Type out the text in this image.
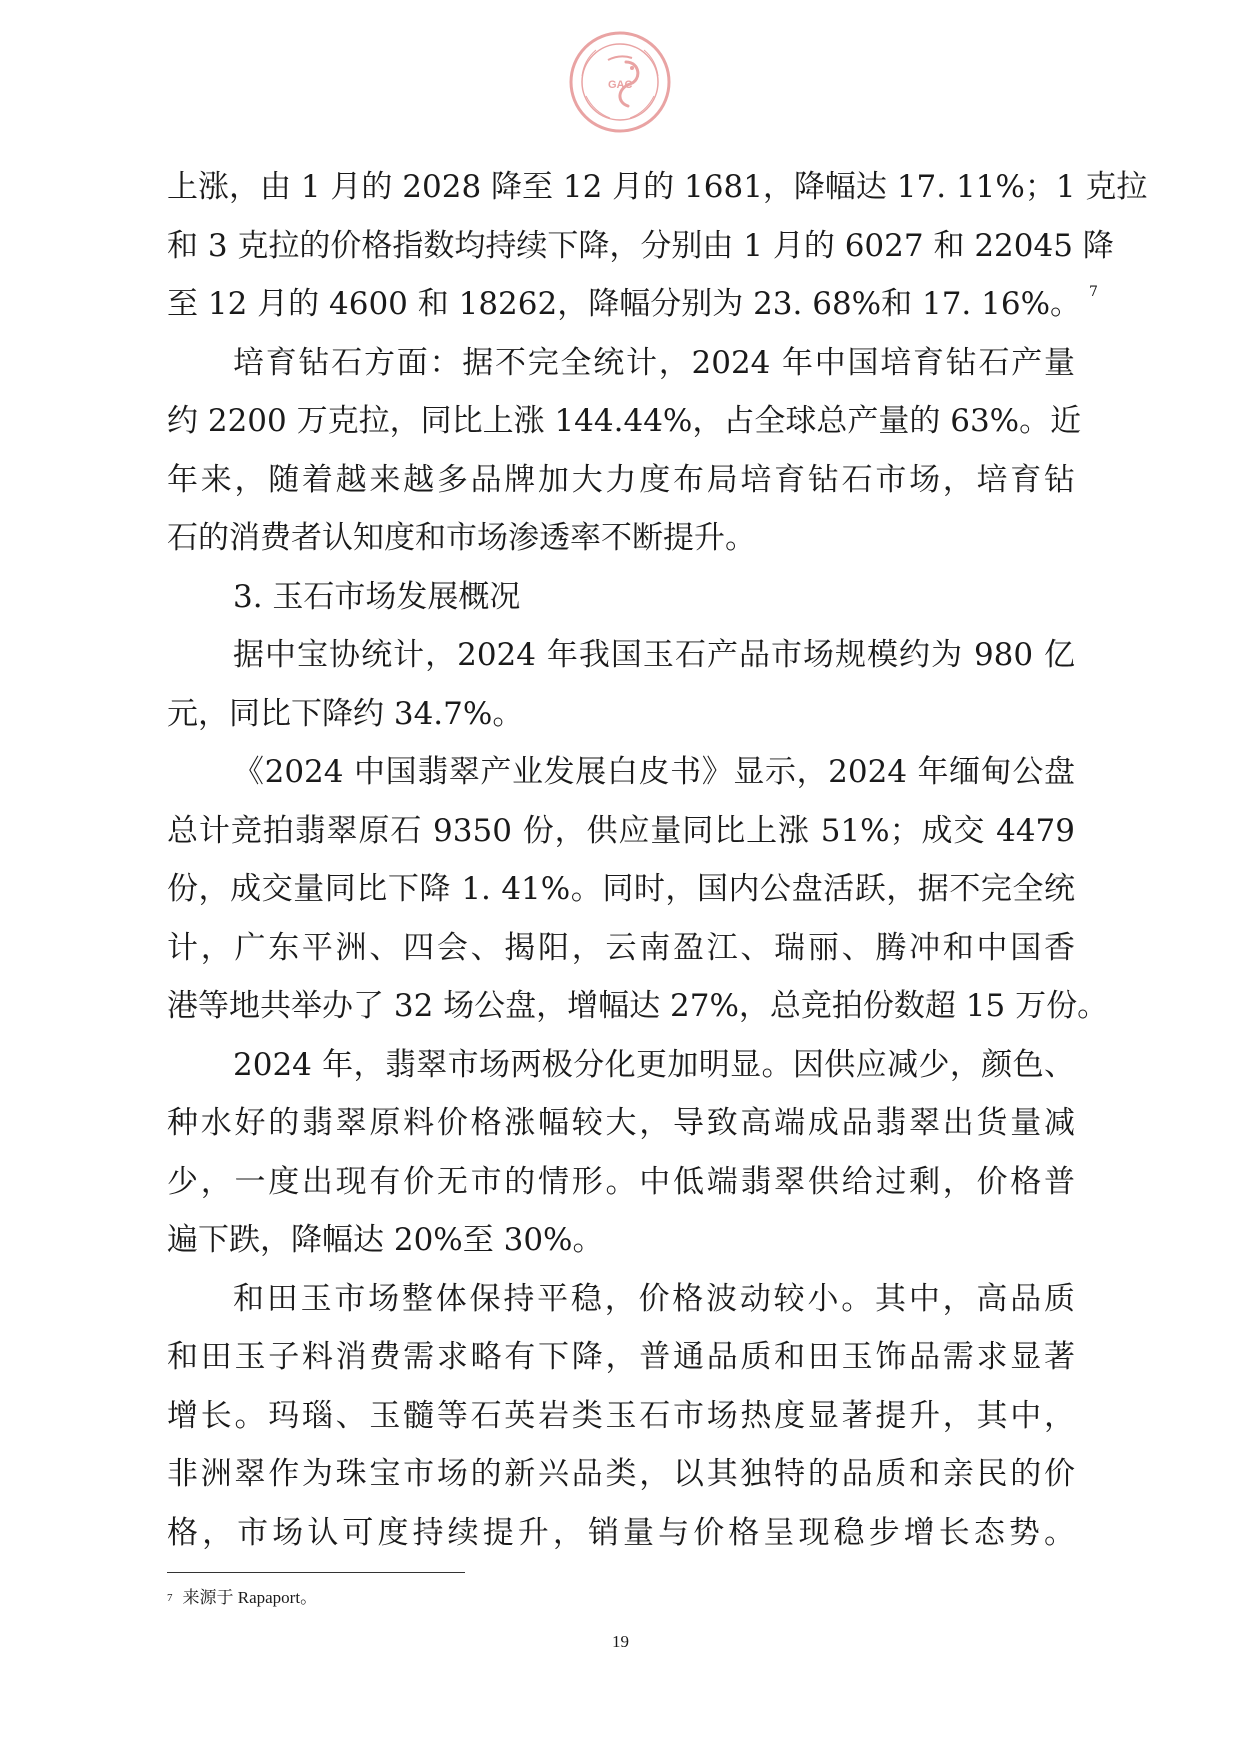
GAC
上涨，由 1 月的 2028 降至 12 月的 1681，降幅达 17. 11%；1 克拉
和 3 克拉的价格指数均持续下降，分别由 1 月的 6027 和 22045 降
至 12 月的 4600 和 18262，降幅分别为 23. 68%和 17. 16%。 $^7$
培育钻石方面：据不完全统计，2024 年中国培育钻石产量
约 2200 万克拉，同比上涨 144.44%，占全球总产量的 63%。近
年来，随着越来越多品牌加大力度布局培育钻石市场，培育钻
石的消费者认知度和市场渗透率不断提升。
3. 玉石市场发展概况
据中宝协统计，2024 年我国玉石产品市场规模约为 980 亿
元，同比下降约 34.7%。
《2024 中国翡翠产业发展白皮书》显示，2024 年缅甸公盘
总计竞拍翡翠原石 9350 份，供应量同比上涨 51%；成交 4479
份，成交量同比下降 1. 41%。同时，国内公盘活跃，据不完全统
计，广东平洲、四会、揭阳，云南盈江、瑞丽、腾冲和中国香
港等地共举办了 32 场公盘，增幅达 27%，总竞拍份数超 15 万份。
2024 年，翡翠市场两极分化更加明显。因供应减少，颜色、
种水好的翡翠原料价格涨幅较大，导致高端成品翡翠出货量减
少，一度出现有价无市的情形。中低端翡翠供给过剩，价格普
遍下跌，降幅达 20%至 30%。
和田玉市场整体保持平稳，价格波动较小。其中，高品质
和田玉子料消费需求略有下降，普通品质和田玉饰品需求显著
增长。玛瑙、玉髓等石英岩类玉石市场热度显著提升，其中，
非洲翠作为珠宝市场的新兴品类，以其独特的品质和亲民的价
格，市场认可度持续提升，销量与价格呈现稳步增长态势。
$^7$ 来源于 Rapaport。
19
